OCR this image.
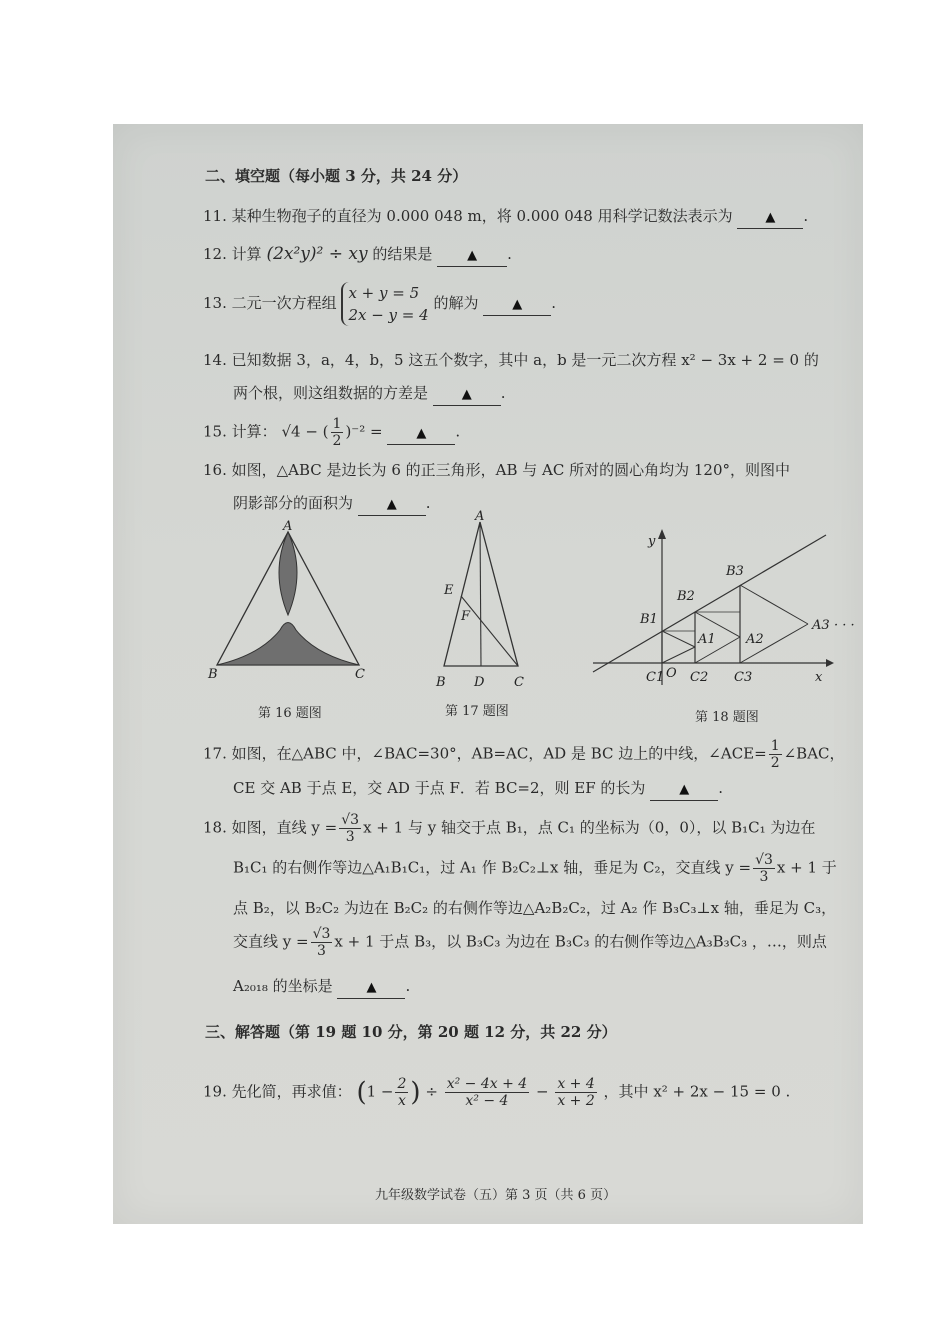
二、填空题（每小题 3 分，共 24 分）
11. 某种生物孢子的直径为 0.000 048 m，将 0.000 048 用科学记数法表示为	▲ .
12. 计算 (2x²y)² ÷ xy 的结果是	▲ .
13. 二元一次方程组
x + y = 5
2x − y = 4
的解为	▲ .
14. 已知数据 3，a，4，b，5 这五个数字，其中 a，b 是一元二次方程 x² − 3x + 2 = 0 的
两个根，则这组数据的方差是	▲ .
15. 计算： √4 − ( $\frac{1}{2} )^{-2}$ =	▲ .
16. 如图，△ABC 是边长为 6 的正三角形，AB 与 AC 所对的圆心角均为 120°，则图中
阴影部分的面积为	▲ .
A
B	C
第 16 题图
A
E
F
B D C
第 17 题图
y
x
O
B1
B2
B3
A1 A2
A3 · · ·
C1 C2 C3
第 18 题图
17. 如图，在△ABC 中，∠BAC=30°，AB=AC，AD 是 BC 边上的中线，∠ACE= $\frac{1}{2}$ ∠BAC，
CE 交 AB 于点 E，交 AD 于点 F．若 BC=2，则 EF 的长为	▲ .
18. 如图，直线 $y = \frac{√3}{3}$ x + 1 与 y 轴交于点 B₁，点 C₁ 的坐标为（0，0），以 B₁C₁ 为边在
B₁C₁ 的右侧作等边△A₁B₁C₁，过 A₁ 作 B₂C₂⊥x 轴，垂足为 C₂，交直线 $y = \frac{√3}{3}$ x + 1 于
点 B₂，以 B₂C₂ 为边在 B₂C₂ 的右侧作等边△A₂B₂C₂，过 A₂ 作 B₃C₃⊥x 轴，垂足为 C₃，
交直线 $y = \frac{√3}{3}$ x + 1 于点 B₃，以 B₃C₃ 为边在 B₃C₃ 的右侧作等边△A₃B₃C₃ ，…，则点
A₂₀₁₈ 的坐标是	▲ .
三、解答题（第 19 题 10 分，第 20 题 12 分，共 22 分）
19. 先化简，再求值： ($1 - \frac{2}{x}$ ) ÷ $\frac{\text{x² − 4x + 4}}{\text{x² − 4}} - \frac{x + 4}{x + 2}$ ，其中 x² + 2x − 15 = 0 .
九年级数学试卷（五）第 3 页（共 6 页）
